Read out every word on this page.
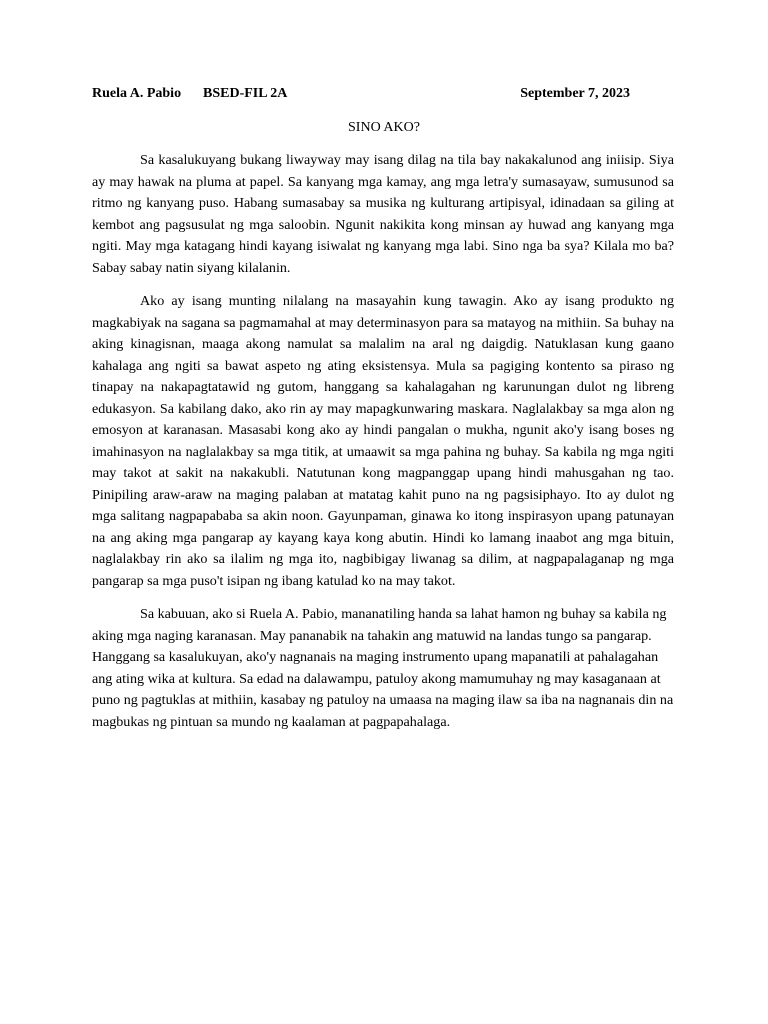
Ruela A. Pabio BSED-FIL 2A	September 7, 2023
SINO AKO?

Sa kasalukuyang bukang liwayway may isang dilag na tila bay nakakalunod ang iniisip. Siya ay may hawak na pluma at papel. Sa kanyang mga kamay, ang mga letra'y sumasayaw, sumusunod sa ritmo ng kanyang puso. Habang sumasabay sa musika ng kulturang artipisyal, idinadaan sa giling at kembot ang pagsusulat ng mga saloobin. Ngunit nakikita kong minsan ay huwad ang kanyang mga ngiti. May mga katagang hindi kayang isiwalat ng kanyang mga labi. Sino nga ba sya? Kilala mo ba? Sabay sabay natin siyang kilalanin.

Ako ay isang munting nilalang na masayahin kung tawagin. Ako ay isang produkto ng magkabiyak na sagana sa pagmamahal at may determinasyon para sa matayog na mithiin. Sa buhay na aking kinagisnan, maaga akong namulat sa malalim na aral ng daigdig. Natuklasan kung gaano kahalaga ang ngiti sa bawat aspeto ng ating eksistensya. Mula sa pagiging kontento sa piraso ng tinapay na nakapagtatawid ng gutom, hanggang sa kahalagahan ng karunungan dulot ng libreng edukasyon. Sa kabilang dako, ako rin ay may mapagkunwaring maskara. Naglalakbay sa mga alon ng emosyon at karanasan. Masasabi kong ako ay hindi pangalan o mukha, ngunit ako'y isang boses ng imahinasyon na naglalakbay sa mga titik, at umaawit sa mga pahina ng buhay. Sa kabila ng mga ngiti may takot at sakit na nakakubli. Natutunan kong magpanggap upang hindi mahusgahan ng tao. Pinipiling araw-araw na maging palaban at matatag kahit puno na ng pagsisiphayo. Ito ay dulot ng mga salitang nagpapababa sa akin noon. Gayunpaman, ginawa ko itong inspirasyon upang patunayan na ang aking mga pangarap ay kayang kaya kong abutin. Hindi ko lamang inaabot ang mga bituin, naglalakbay rin ako sa ilalim ng mga ito, nagbibigay liwanag sa dilim, at nagpapalaganap ng mga pangarap sa mga puso't isipan ng ibang katulad ko na may takot.

Sa kabuuan, ako si Ruela A. Pabio, mananatiling handa sa lahat hamon ng buhay sa kabila ng aking mga naging karanasan. May pananabik na tahakin ang matuwid na landas tungo sa pangarap. Hanggang sa kasalukuyan, ako'y nagnanais na maging instrumento upang mapanatili at pahalagahan ang ating wika at kultura. Sa edad na dalawampu, patuloy akong mamumuhay ng may kasaganaan at puno ng pagtuklas at mithiin, kasabay ng patuloy na umaasa na maging ilaw sa iba na nagnanais din na magbukas ng pintuan sa mundo ng kaalaman at pagpapahalaga.
